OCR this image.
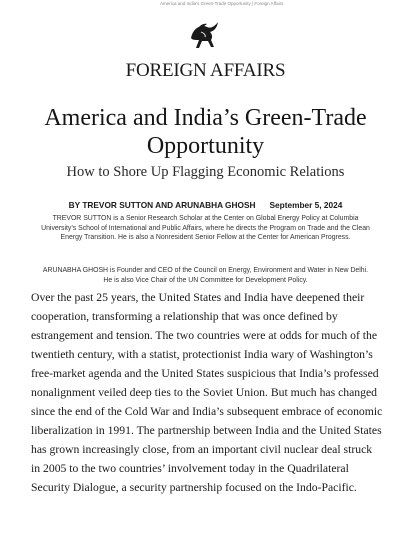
America and India's Green-Trade Opportunity | Foreign Affairs
FOREIGN AFFAIRS
America and India’s Green-Trade Opportunity
How to Shore Up Flagging Economic Relations
BY TREVOR SUTTON AND ARUNABHA GHOSH September 5, 2024
TREVOR SUTTON is a Senior Research Scholar at the Center on Global Energy Policy at Columbia University’s School of International and Public Affairs, where he directs the Program on Trade and the Clean Energy Transition. He is also a Nonresident Senior Fellow at the Center for American Progress.
ARUNABHA GHOSH is Founder and CEO of the Council on Energy, Environment and Water in New Delhi. He is also Vice Chair of the UN Committee for Development Policy.
Over the past 25 years, the United States and India have deepened their cooperation, transforming a relationship that was once defined by estrangement and tension. The two countries were at odds for much of the twentieth century, with a statist, protectionist India wary of Washington’s free-market agenda and the United States suspicious that India’s professed nonalignment veiled deep ties to the Soviet Union. But much has changed since the end of the Cold War and India’s subsequent embrace of economic liberalization in 1991. The partnership between India and the United States has grown increasingly close, from an important civil nuclear deal struck in 2005 to the two countries’ involvement today in the Quadrilateral Security Dialogue, a security partnership focused on the Indo-Pacific.
